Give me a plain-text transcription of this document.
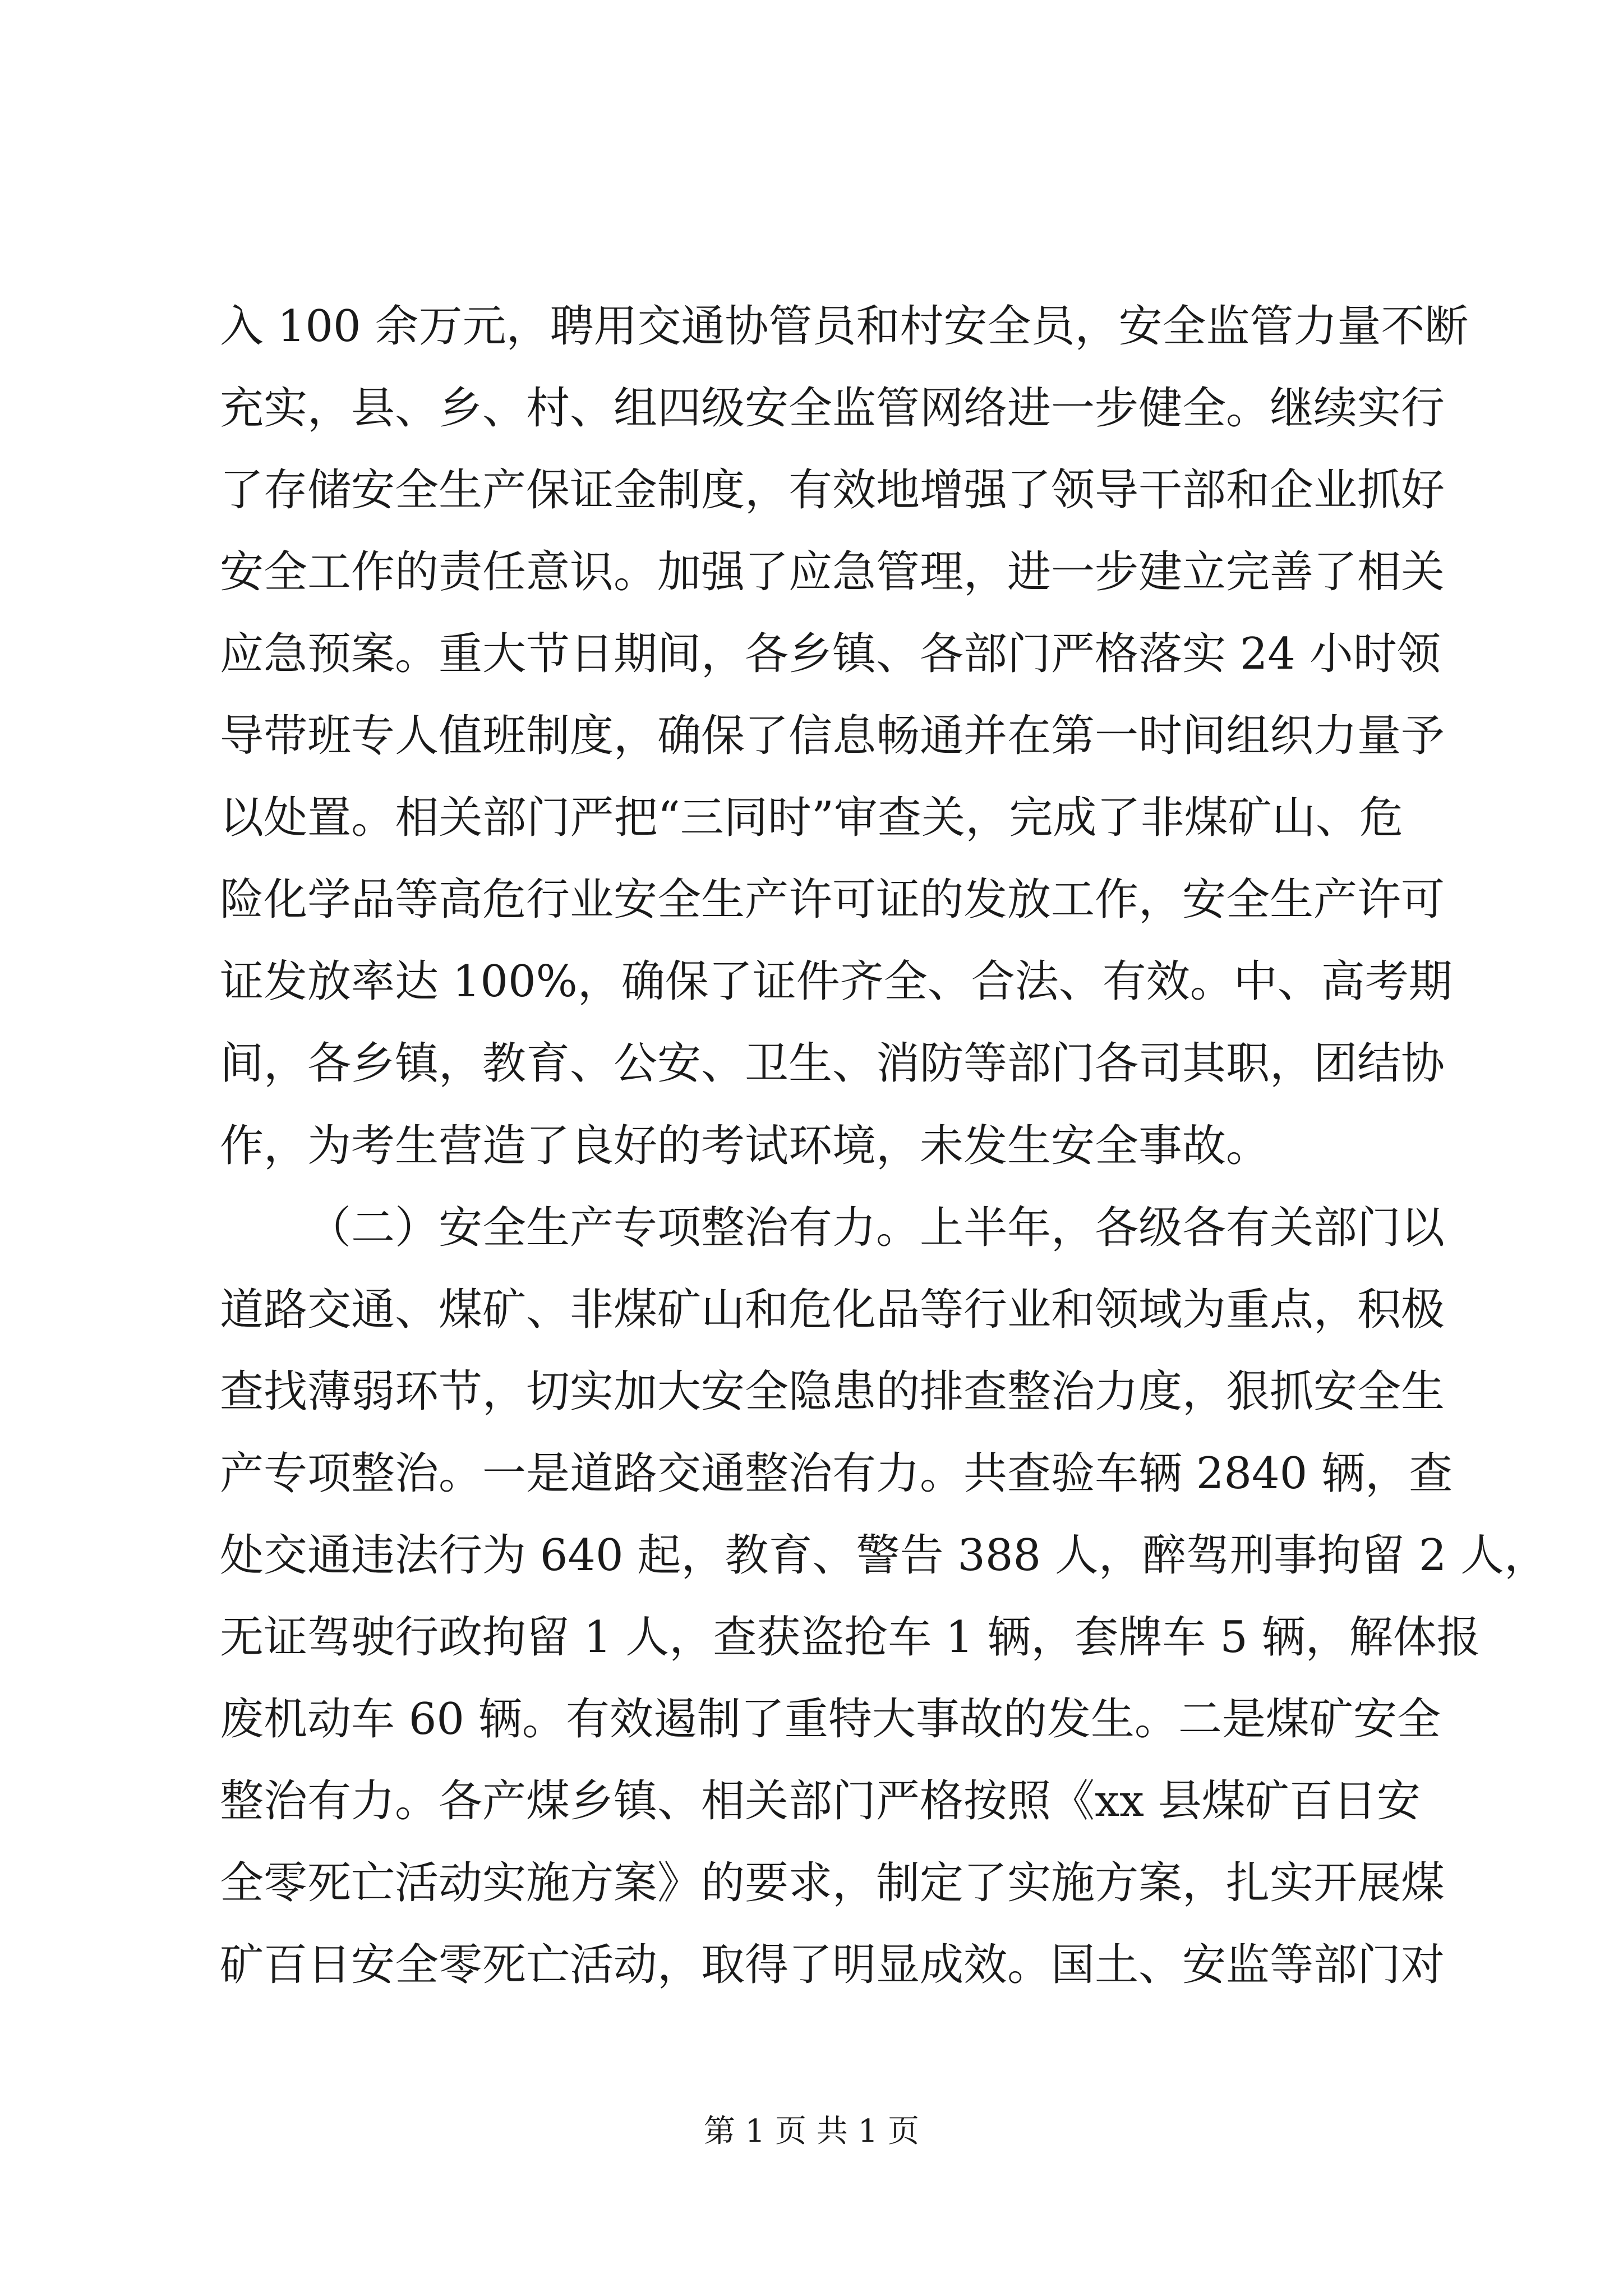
入 100 余万元，聘用交通协管员和村安全员，安全监管力量不断
充实，县、乡、村、组四级安全监管网络进一步健全。继续实行
了存储安全生产保证金制度，有效地增强了领导干部和企业抓好
安全工作的责任意识。加强了应急管理，进一步建立完善了相关
应急预案。重大节日期间，各乡镇、各部门严格落实 24 小时领
导带班专人值班制度，确保了信息畅通并在第一时间组织力量予
以处置。相关部门严把“三同时”审查关，完成了非煤矿山、危
险化学品等高危行业安全生产许可证的发放工作，安全生产许可
证发放率达 100%，确保了证件齐全、合法、有效。中、高考期
间，各乡镇，教育、公安、卫生、消防等部门各司其职，团结协
作，为考生营造了良好的考试环境，未发生安全事故。
（二）安全生产专项整治有力。上半年，各级各有关部门以
道路交通、煤矿、非煤矿山和危化品等行业和领域为重点，积极
查找薄弱环节，切实加大安全隐患的排查整治力度，狠抓安全生
产专项整治。一是道路交通整治有力。共查验车辆 2840 辆，查
处交通违法行为 640 起，教育、警告 388 人，醉驾刑事拘留 2 人，
无证驾驶行政拘留 1 人，查获盗抢车 1 辆，套牌车 5 辆，解体报
废机动车 60 辆。有效遏制了重特大事故的发生。二是煤矿安全
整治有力。各产煤乡镇、相关部门严格按照《xx 县煤矿百日安
全零死亡活动实施方案》的要求，制定了实施方案，扎实开展煤
矿百日安全零死亡活动，取得了明显成效。国土、安监等部门对
第 1 页 共 1 页
